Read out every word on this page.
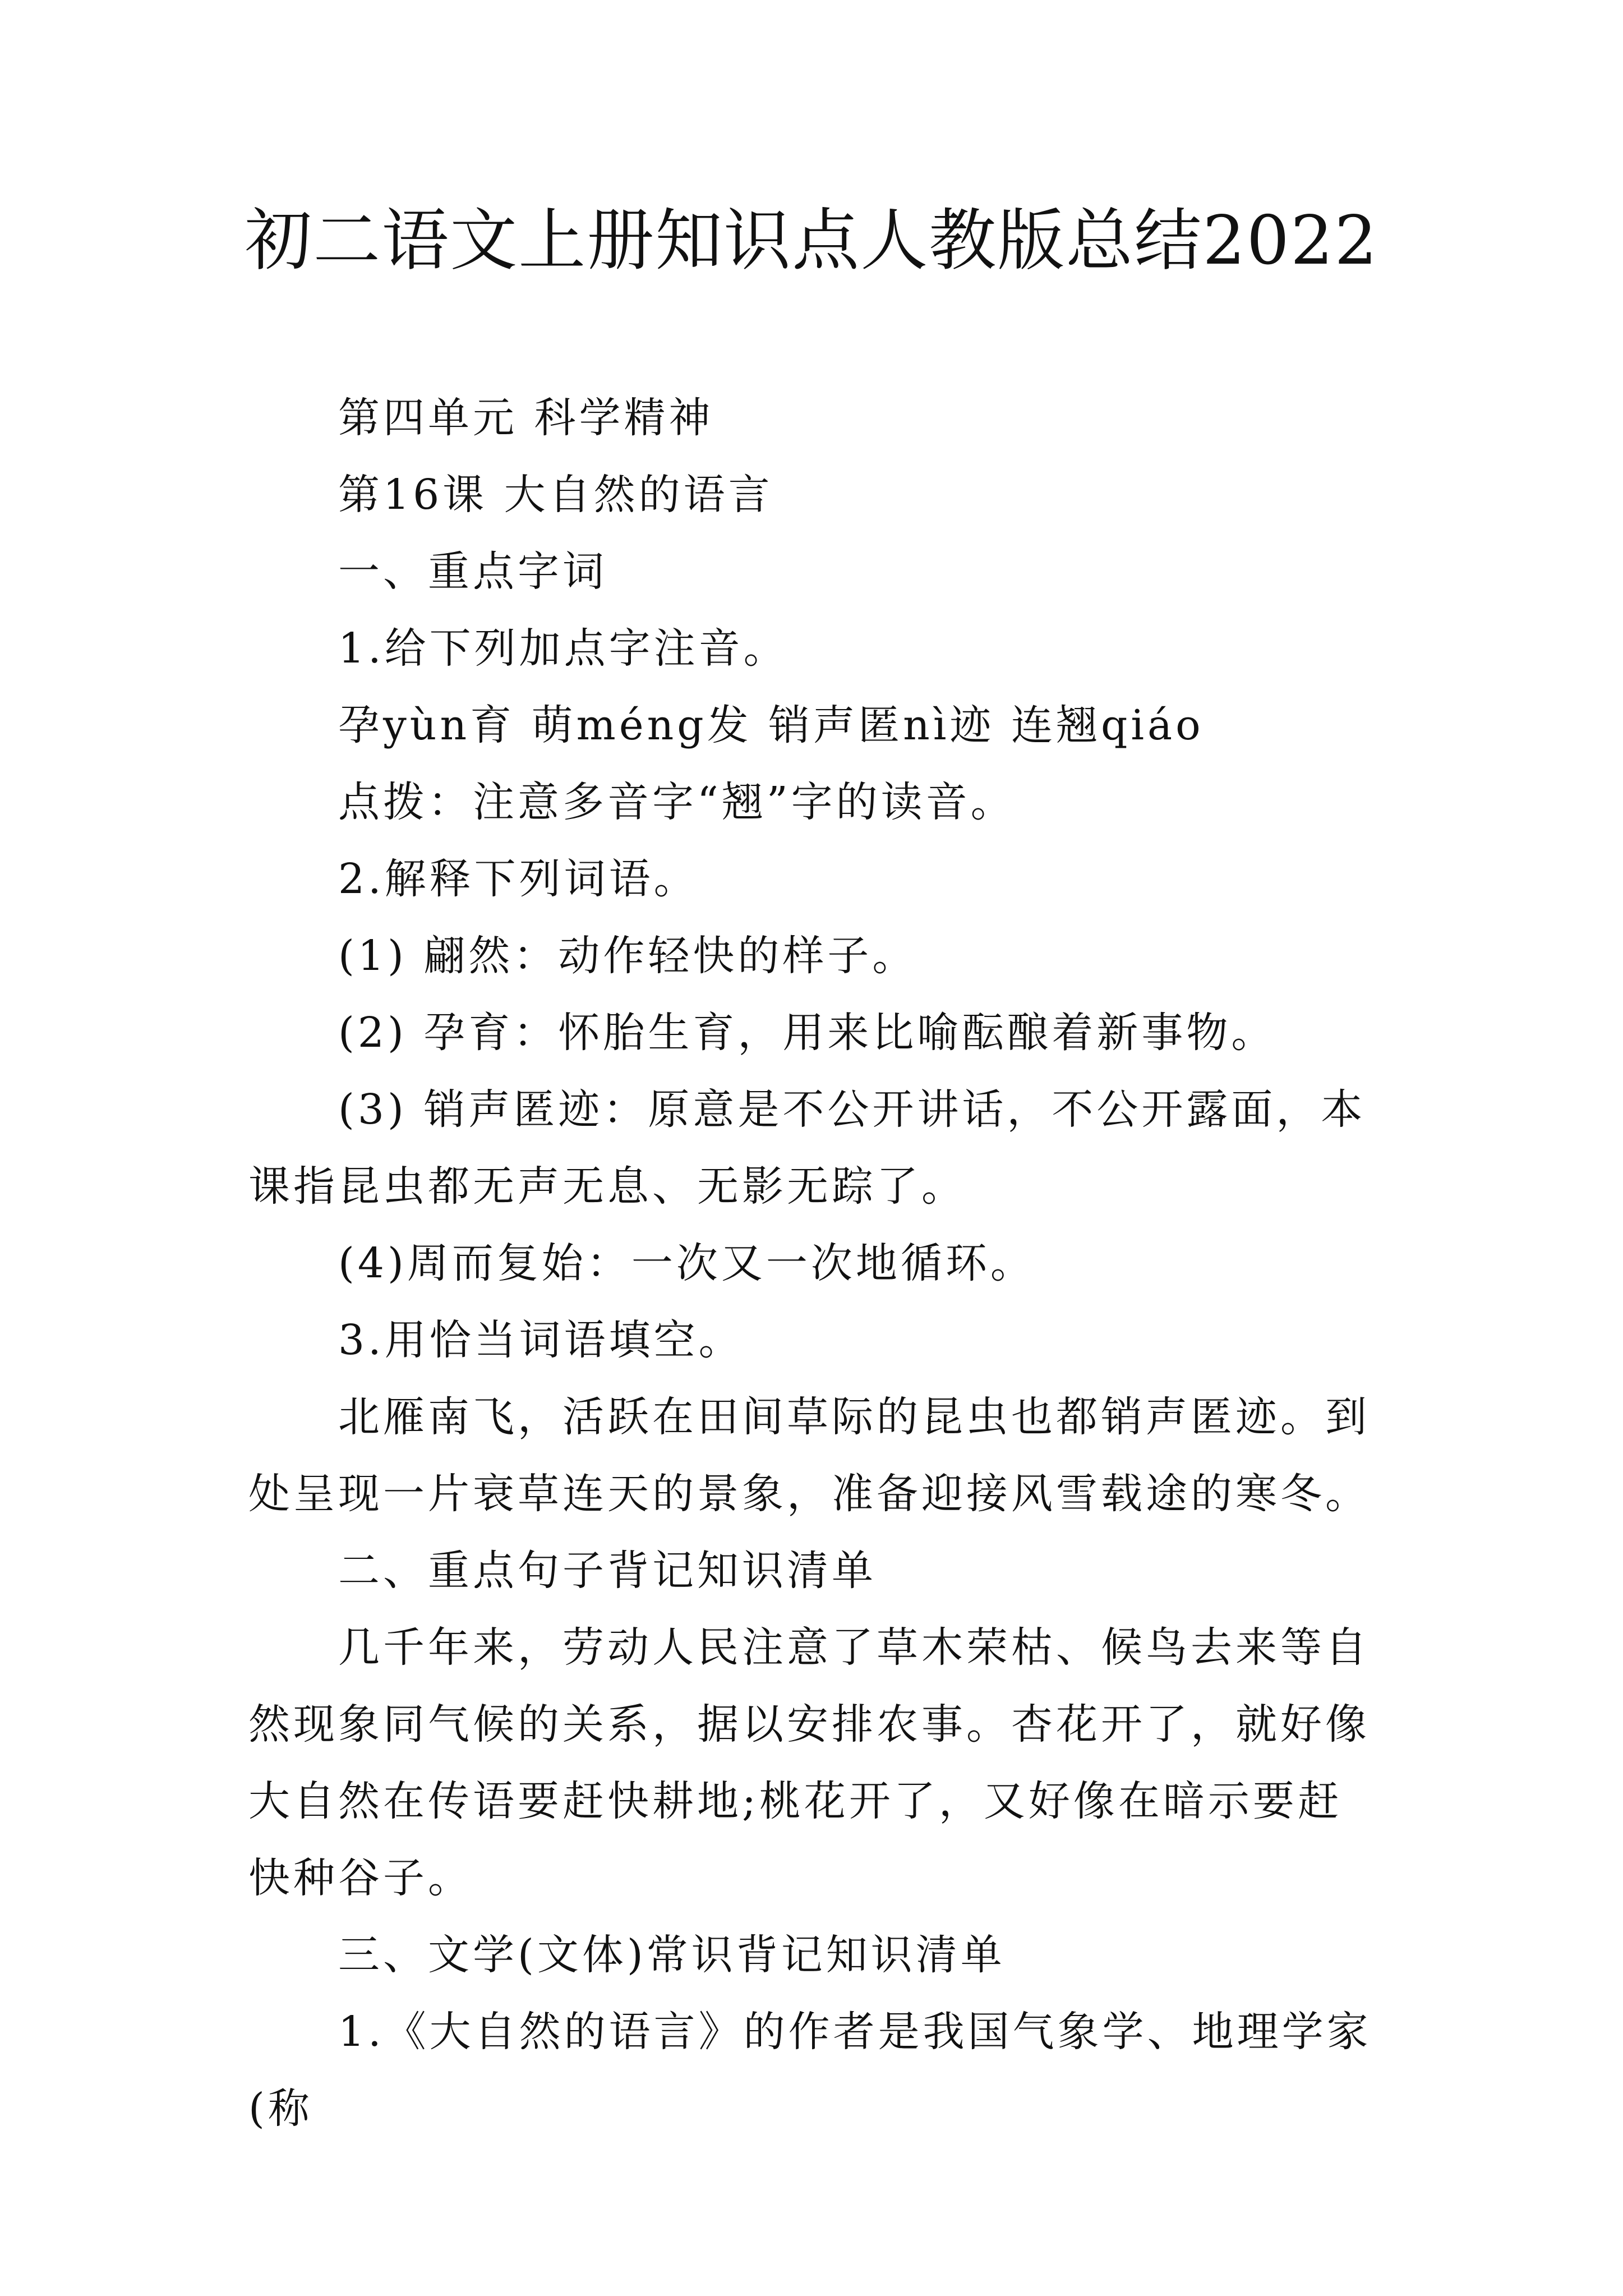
初二语文上册知识点人教版总结2022

第四单元 科学精神

第16课 大自然的语言

一、重点字词

1.给下列加点字注音。

孕yùn育 萌méng发 销声匿nì迹 连翘qiáo

点拨：注意多音字“翘”字的读音。

2.解释下列词语。

(1) 翩然：动作轻快的样子。

(2) 孕育：怀胎生育，用来比喻酝酿着新事物。

(3) 销声匿迹：原意是不公开讲话，不公开露面，本课指昆虫都无声无息、无影无踪了。

(4)周而复始：一次又一次地循环。

3.用恰当词语填空。

北雁南飞，活跃在田间草际的昆虫也都销声匿迹。到处呈现一片衰草连天的景象，准备迎接风雪载途的寒冬。

二、重点句子背记知识清单

几千年来，劳动人民注意了草木荣枯、候鸟去来等自然现象同气候的关系，据以安排农事。杏花开了，就好像大自然在传语要赶快耕地;桃花开了，又好像在暗示要赶快种谷子。

三、文学(文体)常识背记知识清单

1.《大自然的语言》的作者是我国气象学、地理学家(称
